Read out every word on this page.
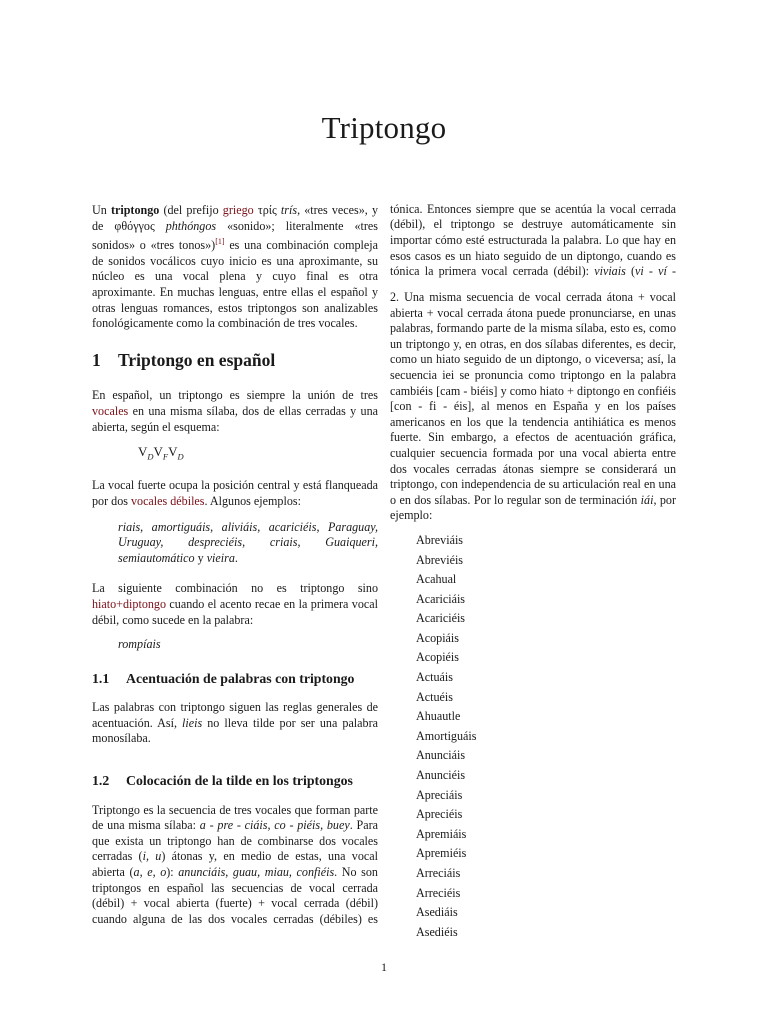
Triptongo

Un triptongo (del prefijo griego τρίς trís, «tres veces», y de φθόγγος phthóngos «sonido»; literalmente «tres sonidos» o «tres tonos»)[1] es una combinación compleja de sonidos vocálicos cuyo inicio es una aproximante, su núcleo es una vocal plena y cuyo final es otra aproximante. En muchas lenguas, entre ellas el español y otras lenguas romances, estos triptongos son analizables fonológicamente como la combinación de tres vocales.

1 Triptongo en español

En español, un triptongo es siempre la unión de tres vocales en una misma sílaba, dos de ellas cerradas y una abierta, según el esquema:

$V_DV_FV_D$

La vocal fuerte ocupa la posición central y está flanqueada por dos vocales débiles. Algunos ejemplos:

riais, amortiguáis, aliviáis, acariciéis, Paraguay, Uruguay, despreciéis, criais, Guaiqueri, semiautomático y vieira.

La siguiente combinación no es triptongo sino hiato+diptongo cuando el acento recae en la primera vocal débil, como sucede en la palabra:

rompíais
1.1 Acentuación de palabras con triptongo

Las palabras con triptongo siguen las reglas generales de acentuación. Así, lieis no lleva tilde por ser una palabra monosílaba.

1.2 Colocación de la tilde en los triptongos

Triptongo es la secuencia de tres vocales que forman parte de una misma sílaba: a - pre - ciáis, co - piéis, buey. Para que exista un triptongo han de combinarse dos vocales cerradas (i, u) átonas y, en medio de estas, una vocal abierta (a, e, o): anunciáis, guau, miau, confiéis. No son triptongos en español las secuencias de vocal cerrada (débil) + vocal abierta (fuerte) + vocal cerrada (débil) cuando alguna de las dos vocales cerradas (débiles) es

tónica. Entonces siempre que se acentúa la vocal cerrada (débil), el triptongo se destruye automáticamente sin importar cómo esté estructurada la palabra. Lo que hay en esos casos es un hiato seguido de un diptongo, cuando es tónica la primera vocal cerrada (débil): viviais (vi - ví -

2. Una misma secuencia de vocal cerrada átona + vocal abierta + vocal cerrada átona puede pronunciarse, en unas palabras, formando parte de la misma sílaba, esto es, como un triptongo y, en otras, en dos sílabas diferentes, es decir, como un hiato seguido de un diptongo, o viceversa; así, la secuencia iei se pronuncia como triptongo en la palabra cambiéis [cam - biéis] y como hiato + diptongo en confiéis [con - fi - éis], al menos en España y en los países americanos en los que la tendencia antihiática es menos fuerte. Sin embargo, a efectos de acentuación gráfica, cualquier secuencia formada por una vocal abierta entre dos vocales cerradas átonas siempre se considerará un triptongo, con independencia de su articulación real en una o en dos sílabas. Por lo regular son de terminación iái, por ejemplo:

Abreviáis
Abreviéis
Acahual
Acariciáis
Acariciéis
Acopiáis
Acopiéis
Actuáis
Actuéis
Ahuautle
Amortiguáis
Anunciáis
Anunciéis
Apreciáis
Apreciéis
Apremiáis
Apremiéis
Arreciáis
Arreciéis
Asediáis
Asediéis
1
